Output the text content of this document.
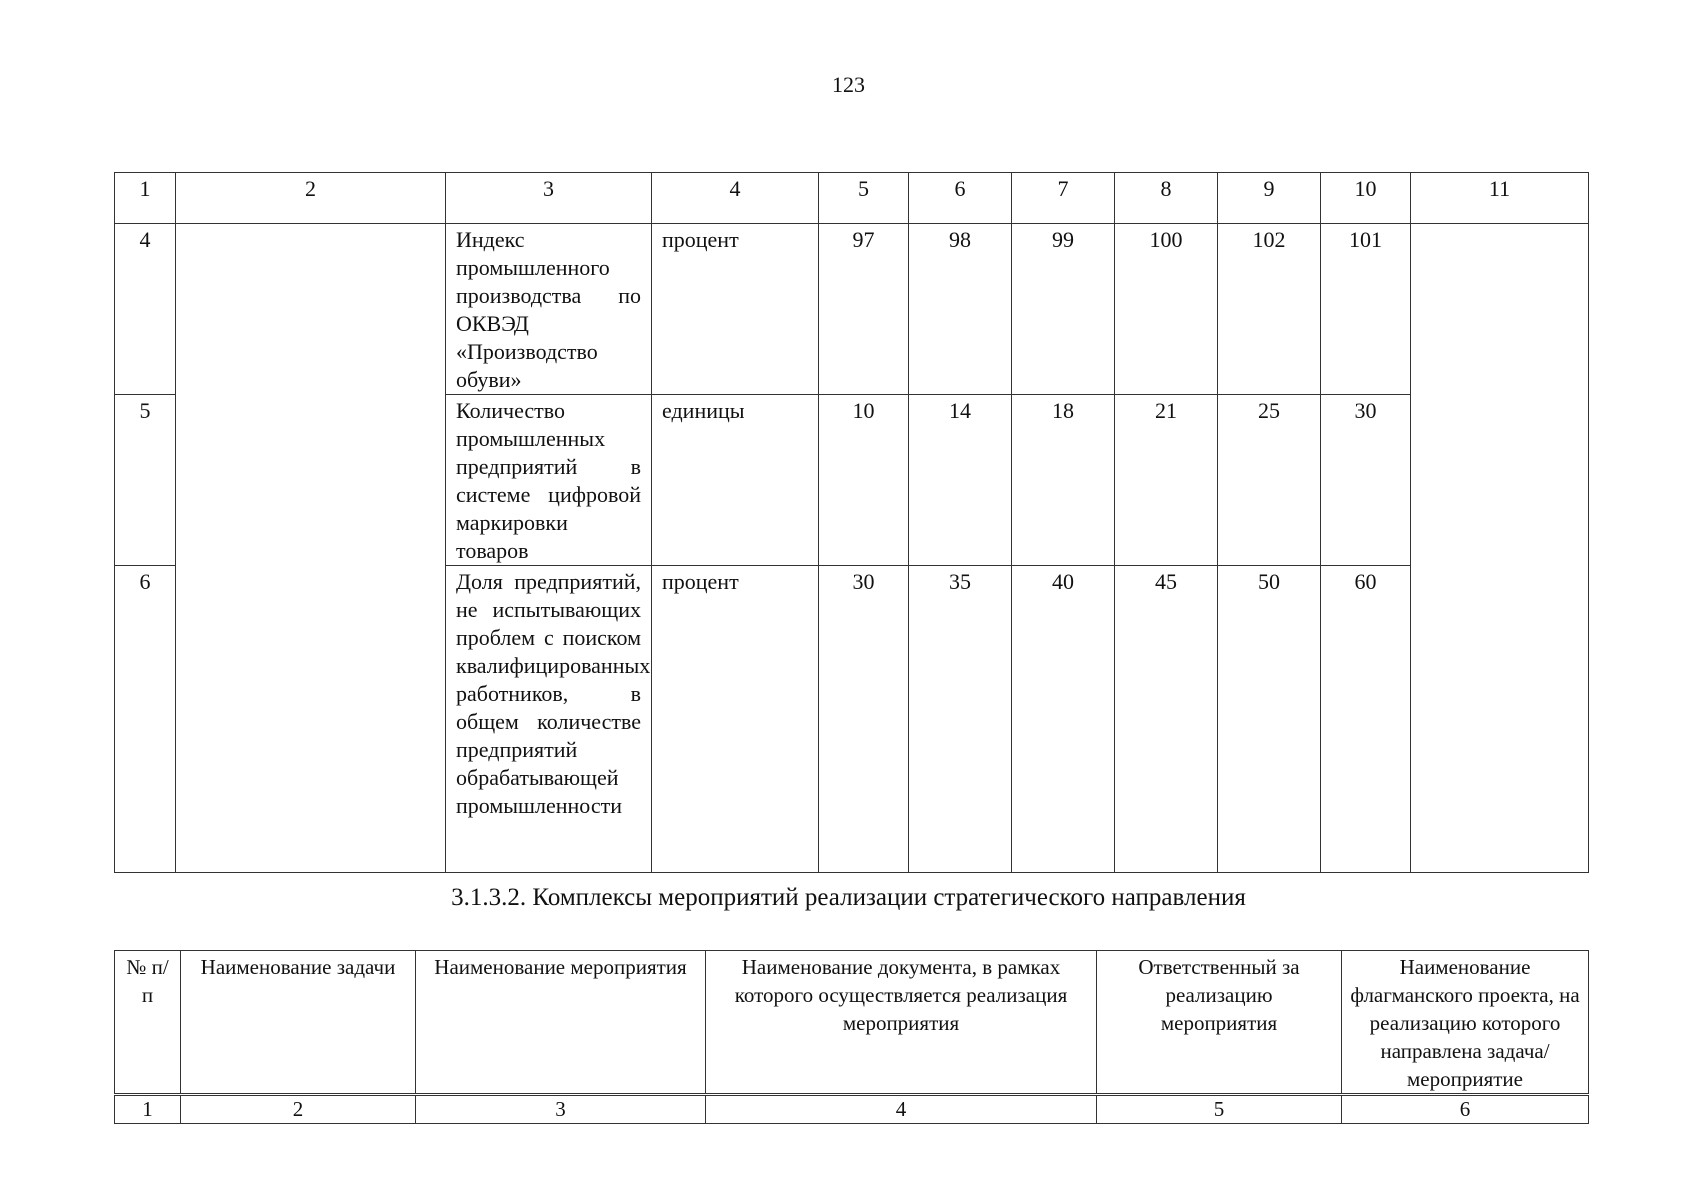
123
1	2	3	4	5	6	7	8	9	10	11
4		Индекс промышленного производства по ОКВЭД «Производство обуви»	процент	97	98	99	100	102	101	
5		Количество промышленных предприятий в системе цифровой маркировки товаров	единицы	10	14	18	21	25	30	
6		Доля предприятий, не испытывающих проблем с поиском квалифицированных работников, в общем количестве предприятий обрабатывающей промышленности	процент	30	35	40	45	50	60	
3.1.3.2. Комплексы мероприятий реализации стратегического направления
№ п/п	Наименование задачи	Наименование мероприятия	Наименование документа, в рамках которого осуществляется реализация мероприятия	Ответственный за реализацию мероприятия	Наименование флагманского проекта, на реализацию которого направлена задача/мероприятие
1	2	3	4	5	6
